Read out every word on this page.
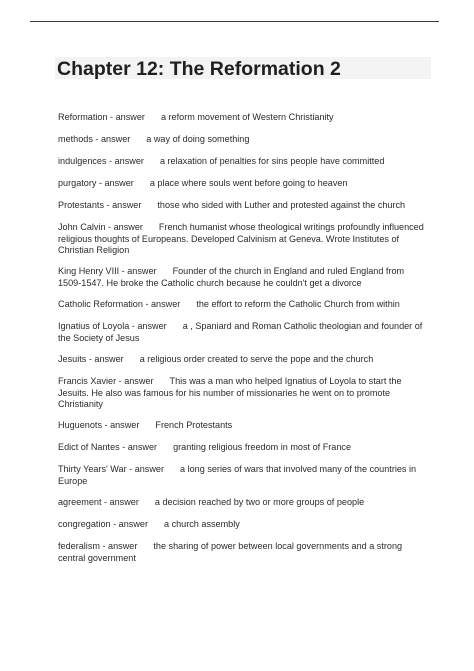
Chapter 12: The Reformation 2

Reformation - answer a reform movement of Western Christianity

methods - answer a way of doing something

indulgences - answer a relaxation of penalties for sins people have committed

purgatory - answer a place where souls went before going to heaven

Protestants - answer those who sided with Luther and protested against the church

John Calvin - answer French humanist whose theological writings profoundly influenced religious thoughts of Europeans. Developed Calvinism at Geneva. Wrote Institutes of Christian Religion

King Henry VIII - answer Founder of the church in England and ruled England from 1509-1547. He broke the Catholic church because he couldn't get a divorce

Catholic Reformation - answer the effort to reform the Catholic Church from within

Ignatius of Loyola - answer a , Spaniard and Roman Catholic theologian and founder of the Society of Jesus

Jesuits - answer a religious order created to serve the pope and the church

Francis Xavier - answer This was a man who helped Ignatius of Loyola to start the Jesuits. He also was famous for his number of missionaries he went on to promote Christianity

Huguenots - answer French Protestants

Edict of Nantes - answer granting religious freedom in most of France

Thirty Years' War - answer a long series of wars that involved many of the countries in Europe

agreement - answer a decision reached by two or more groups of people

congregation - answer a church assembly

federalism - answer the sharing of power between local governments and a strong central government
